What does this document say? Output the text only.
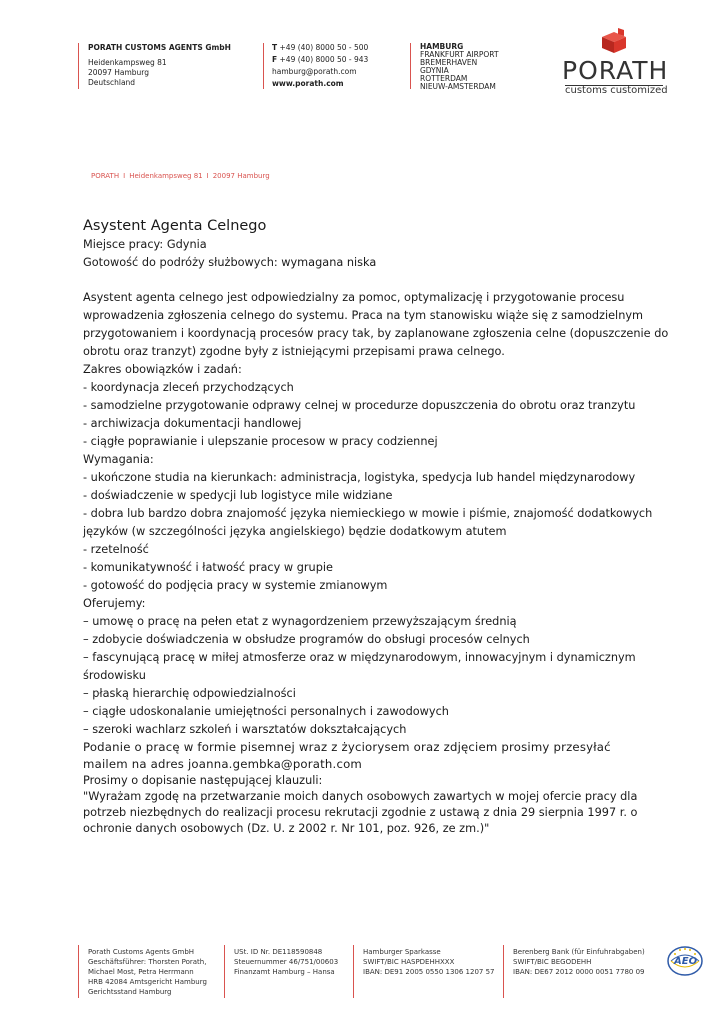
PORATH CUSTOMS AGENTS GmbH
Heidenkampsweg 81
20097 Hamburg
Deutschland
T +49 (40) 8000 50 - 500
F +49 (40) 8000 50 - 943
hamburg@porath.com
www.porath.com
HAMBURG
FRANKFURT AIRPORT
BREMERHAVEN
GDYNIA
ROTTERDAM
NIEUW-AMSTERDAM
PORATH
customs customized
PORATH I Heidenkampsweg 81 I 20097 Hamburg

Asystent Agenta Celnego

Miejsce pracy: Gdynia

Gotowość do podróży służbowych: wymagana niska

Asystent agenta celnego jest odpowiedzialny za pomoc, optymalizację i przygotowanie procesu wprowadzenia zgłoszenia celnego do systemu. Praca na tym stanowisku wiąże się z samodzielnym przygotowaniem i koordynacją procesów pracy tak, by zaplanowane zgłoszenia celne (dopuszczenie do obrotu oraz tranzyt) zgodne były z istniejącymi przepisami prawa celnego.

Zakres obowiązków i zadań:

- koordynacja zleceń przychodzących

- samodzielne przygotowanie odprawy celnej w procedurze dopuszczenia do obrotu oraz tranzytu

- archiwizacja dokumentacji handlowej

- ciągłe poprawianie i ulepszanie procesow w pracy codziennej

Wymagania:

- ukończone studia na kierunkach: administracja, logistyka, spedycja lub handel międzynarodowy

- doświadczenie w spedycji lub logistyce mile widziane

- dobra lub bardzo dobra znajomość języka niemieckiego w mowie i piśmie, znajomość dodatkowych języków (w szczególności języka angielskiego) będzie dodatkowym atutem

- rzetelność

- komunikatywność i łatwość pracy w grupie

- gotowość do podjęcia pracy w systemie zmianowym

Oferujemy:

– umowę o pracę na pełen etat z wynagordzeniem przewyższającym średnią

– zdobycie doświadczenia w obsłudze programów do obsługi procesów celnych

– fascynującą pracę w miłej atmosferze oraz w międzynarodowym, innowacyjnym i dynamicznym środowisku

– płaską hierarchię odpowiedzialności

– ciągłe udoskonalanie umiejętności personalnych i zawodowych

– szeroki wachlarz szkoleń i warsztatów dokształcających

Podanie o pracę w formie pisemnej wraz z życiorysem oraz zdjęciem prosimy przesyłać

mailem na adres joanna.gembka@porath.com

Prosimy o dopisanie następującej klauzuli:

"Wyrażam zgodę na przetwarzanie moich danych osobowych zawartych w mojej ofercie pracy dla potrzeb niezbędnych do realizacji procesu rekrutacji zgodnie z ustawą z dnia 29 sierpnia 1997 r. o ochronie danych osobowych (Dz. U. z 2002 r. Nr 101, poz. 926, ze zm.)"

Porath Customs Agents GmbH
Geschäftsführer: Thorsten Porath,
Michael Most, Petra Herrmann
HRB 42084 Amtsgericht Hamburg
Gerichtsstand Hamburg
USt. ID Nr. DE118590848
Steuernummer 46/751/00603
Finanzamt Hamburg – Hansa
Hamburger Sparkasse
SWIFT/BIC HASPDEHHXXX
IBAN: DE91 2005 0550 1306 1207 57
Berenberg Bank (für Einfuhrabgaben)
SWIFT/BIC BEGODEHH
IBAN: DE67 2012 0000 0051 7780 09
AEO
